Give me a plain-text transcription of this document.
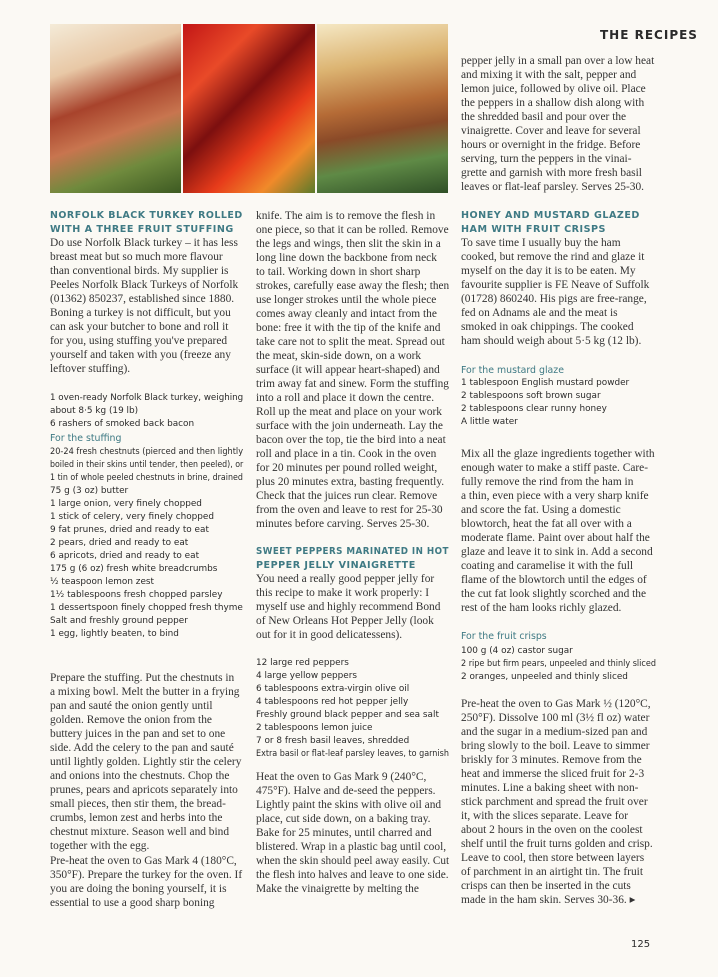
THE RECIPES
NORFOLK BLACK TURKEY ROLLED
WITH A THREE FRUIT STUFFING
Do use Norfolk Black turkey – it has less
breast meat but so much more flavour
than conventional birds. My supplier is
Peeles Norfolk Black Turkeys of Norfolk
(01362) 850237, established since 1880.
Boning a turkey is not difficult, but you
can ask your butcher to bone and roll it
for you, using stuffing you've prepared
yourself and taken with you (freeze any
leftover stuffing).
1 oven-ready Norfolk Black turkey, weighing
about 8·5 kg (19 lb)
6 rashers of smoked back bacon
For the stuffing
20-24 fresh chestnuts (pierced and then lightly
boiled in their skins until tender, then peeled), or
1 tin of whole peeled chestnuts in brine, drained
75 g (3 oz) butter
1 large onion, very finely chopped
1 stick of celery, very finely chopped
9 fat prunes, dried and ready to eat
2 pears, dried and ready to eat
6 apricots, dried and ready to eat
175 g (6 oz) fresh white breadcrumbs
½ teaspoon lemon zest
1½ tablespoons fresh chopped parsley
1 dessertspoon finely chopped fresh thyme
Salt and freshly ground pepper
1 egg, lightly beaten, to bind
Prepare the stuffing. Put the chestnuts in
a mixing bowl. Melt the butter in a frying
pan and sauté the onion gently until
golden. Remove the onion from the
buttery juices in the pan and set to one
side. Add the celery to the pan and sauté
until lightly golden. Lightly stir the celery
and onions into the chestnuts. Chop the
prunes, pears and apricots separately into
small pieces, then stir them, the bread-
crumbs, lemon zest and herbs into the
chestnut mixture. Season well and bind
together with the egg.
Pre-heat the oven to Gas Mark 4 (180°C,
350°F). Prepare the turkey for the oven. If
you are doing the boning yourself, it is
essential to use a good sharp boning
knife. The aim is to remove the flesh in
one piece, so that it can be rolled. Remove
the legs and wings, then slit the skin in a
long line down the backbone from neck
to tail. Working down in short sharp
strokes, carefully ease away the flesh; then
use longer strokes until the whole piece
comes away cleanly and intact from the
bone: free it with the tip of the knife and
take care not to split the meat. Spread out
the meat, skin-side down, on a work
surface (it will appear heart-shaped) and
trim away fat and sinew. Form the stuffing
into a roll and place it down the centre.
Roll up the meat and place on your work
surface with the join underneath. Lay the
bacon over the top, tie the bird into a neat
roll and place in a tin. Cook in the oven
for 20 minutes per pound rolled weight,
plus 20 minutes extra, basting frequently.
Check that the juices run clear. Remove
from the oven and leave to rest for 25-30
minutes before carving. Serves 25-30.
SWEET PEPPERS MARINATED IN HOT
PEPPER JELLY VINAIGRETTE
You need a really good pepper jelly for
this recipe to make it work properly: I
myself use and highly recommend Bond
of New Orleans Hot Pepper Jelly (look
out for it in good delicatessens).
12 large red peppers
4 large yellow peppers
6 tablespoons extra-virgin olive oil
4 tablespoons red hot pepper jelly
Freshly ground black pepper and sea salt
2 tablespoons lemon juice
7 or 8 fresh basil leaves, shredded
Extra basil or flat-leaf parsley leaves, to garnish
Heat the oven to Gas Mark 9 (240°C,
475°F). Halve and de-seed the peppers.
Lightly paint the skins with olive oil and
place, cut side down, on a baking tray.
Bake for 25 minutes, until charred and
blistered. Wrap in a plastic bag until cool,
when the skin should peel away easily. Cut
the flesh into halves and leave to one side.
Make the vinaigrette by melting the
pepper jelly in a small pan over a low heat
and mixing it with the salt, pepper and
lemon juice, followed by olive oil. Place
the peppers in a shallow dish along with
the shredded basil and pour over the
vinaigrette. Cover and leave for several
hours or overnight in the fridge. Before
serving, turn the peppers in the vinai-
grette and garnish with more fresh basil
leaves or flat-leaf parsley. Serves 25-30.
HONEY AND MUSTARD GLAZED
HAM WITH FRUIT CRISPS
To save time I usually buy the ham
cooked, but remove the rind and glaze it
myself on the day it is to be eaten. My
favourite supplier is FE Neave of Suffolk
(01728) 860240. His pigs are free-range,
fed on Adnams ale and the meat is
smoked in oak chippings. The cooked
ham should weigh about 5·5 kg (12 lb).
For the mustard glaze
1 tablespoon English mustard powder
2 tablespoons soft brown sugar
2 tablespoons clear runny honey
A little water
Mix all the glaze ingredients together with
enough water to make a stiff paste. Care-
fully remove the rind from the ham in
a thin, even piece with a very sharp knife
and score the fat. Using a domestic
blowtorch, heat the fat all over with a
moderate flame. Paint over about half the
glaze and leave it to sink in. Add a second
coating and caramelise it with the full
flame of the blowtorch until the edges of
the cut fat look slightly scorched and the
rest of the ham looks richly glazed.
For the fruit crisps
100 g (4 oz) castor sugar
2 ripe but firm pears, unpeeled and thinly sliced
2 oranges, unpeeled and thinly sliced
Pre-heat the oven to Gas Mark ½ (120°C,
250°F). Dissolve 100 ml (3½ fl oz) water
and the sugar in a medium-sized pan and
bring slowly to the boil. Leave to simmer
briskly for 3 minutes. Remove from the
heat and immerse the sliced fruit for 2-3
minutes. Line a baking sheet with non-
stick parchment and spread the fruit over
it, with the slices separate. Leave for
about 2 hours in the oven on the coolest
shelf until the fruit turns golden and crisp.
Leave to cool, then store between layers
of parchment in an airtight tin. The fruit
crisps can then be inserted in the cuts
made in the ham skin. Serves 30-36. ▸
125
